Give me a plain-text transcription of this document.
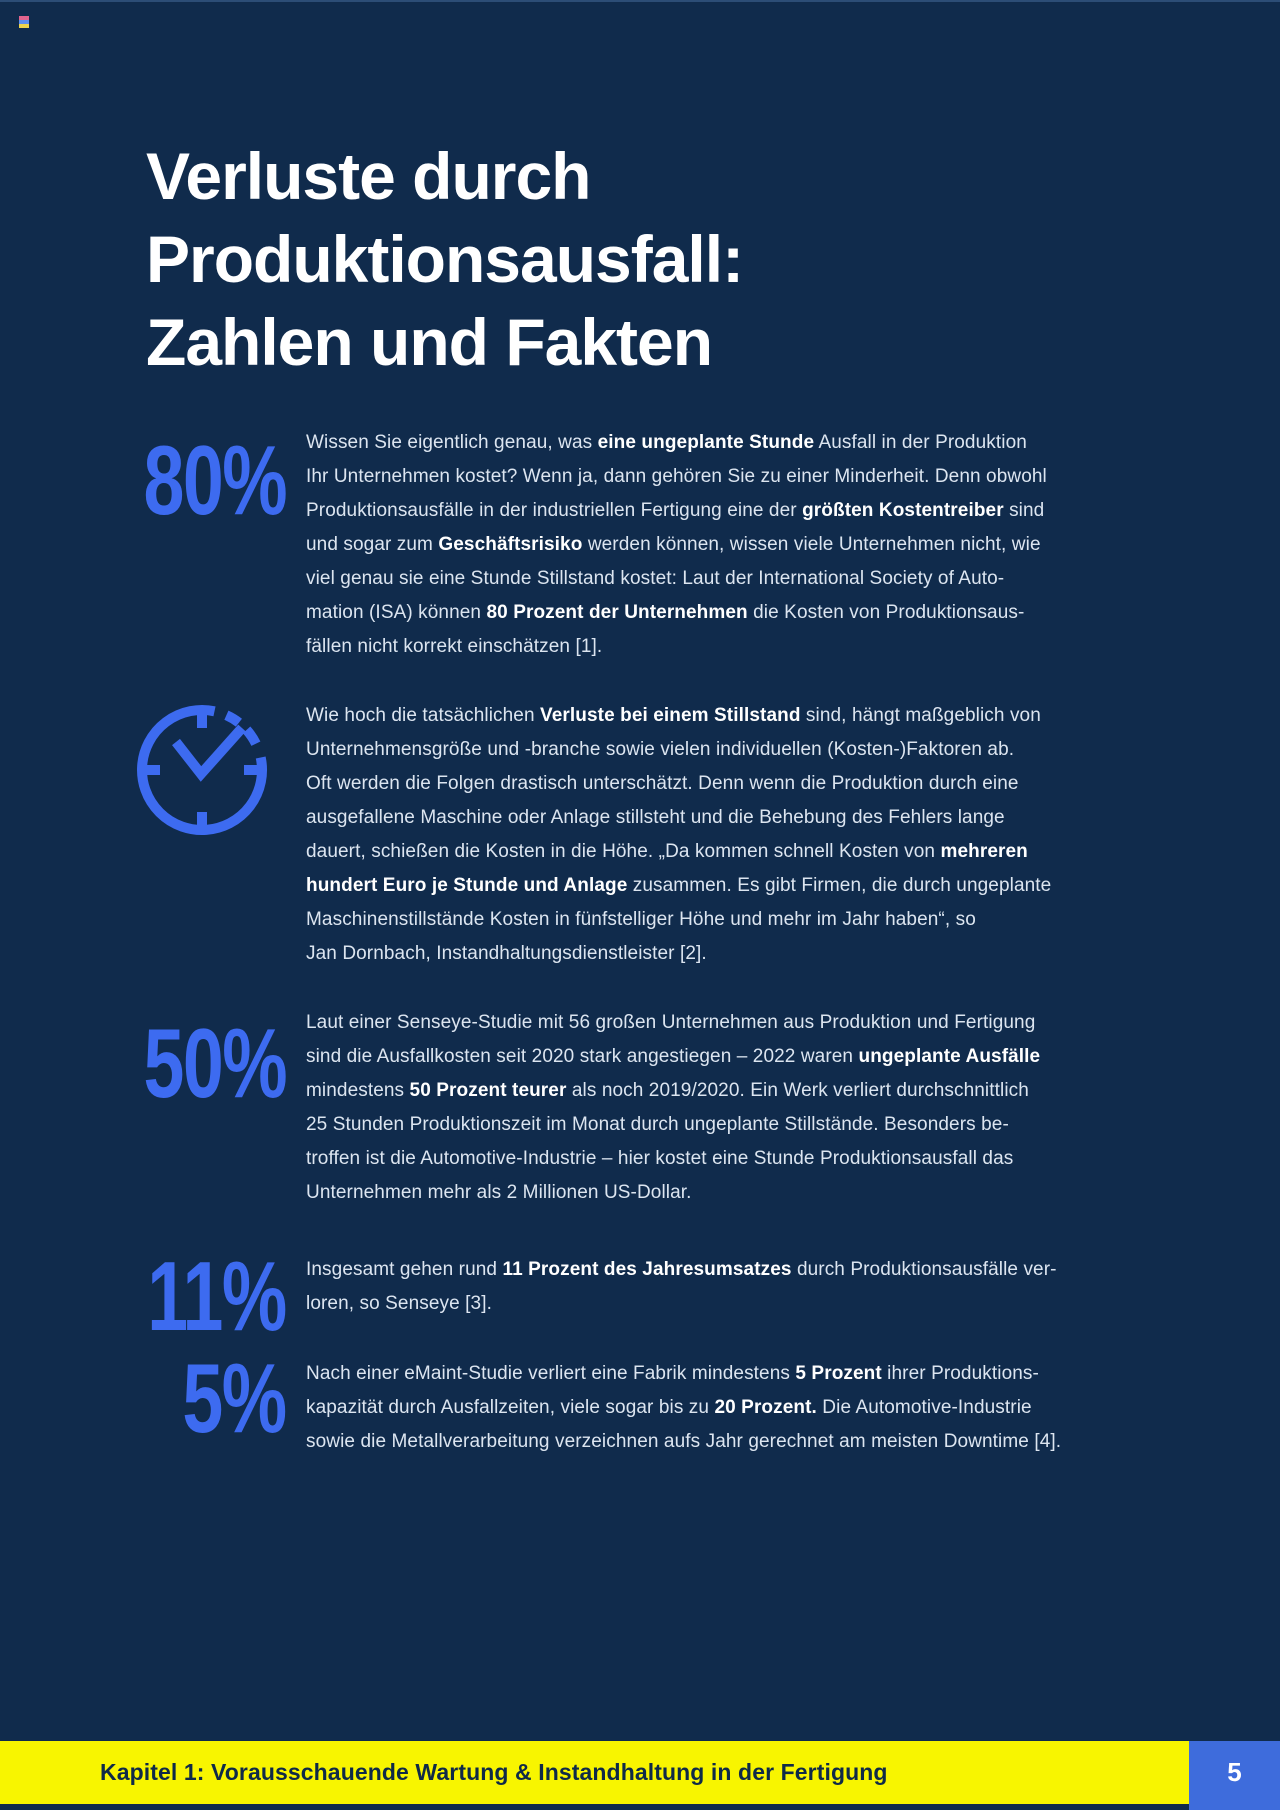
Verluste durch
Produktionsausfall:
Zahlen und Fakten
80%
50%
11%
5%
Wissen Sie eigentlich genau, was eine ungeplante Stunde Ausfall in der Produktion
Ihr Unternehmen kostet? Wenn ja, dann gehören Sie zu einer Minderheit. Denn obwohl
Produktionsausfälle in der industriellen Fertigung eine der größten Kostentreiber sind
und sogar zum Geschäftsrisiko werden können, wissen viele Unternehmen nicht, wie
viel genau sie eine Stunde Stillstand kostet: Laut der International Society of Auto-
mation (ISA) können 80 Prozent der Unternehmen die Kosten von Produktionsaus-
fällen nicht korrekt einschätzen [1].
Wie hoch die tatsächlichen Verluste bei einem Stillstand sind, hängt maßgeblich von
Unternehmensgröße und -branche sowie vielen individuellen (Kosten-)Faktoren ab.
Oft werden die Folgen drastisch unterschätzt. Denn wenn die Produktion durch eine
ausgefallene Maschine oder Anlage stillsteht und die Behebung des Fehlers lange
dauert, schießen die Kosten in die Höhe. „Da kommen schnell Kosten von mehreren
hundert Euro je Stunde und Anlage zusammen. Es gibt Firmen, die durch ungeplante
Maschinenstillstände Kosten in fünfstelliger Höhe und mehr im Jahr haben“, so
Jan Dornbach, Instandhaltungsdienstleister [2].
Laut einer Senseye-Studie mit 56 großen Unternehmen aus Produktion und Fertigung
sind die Ausfallkosten seit 2020 stark angestiegen – 2022 waren ungeplante Ausfälle
mindestens 50 Prozent teurer als noch 2019/2020. Ein Werk verliert durchschnittlich
25 Stunden Produktionszeit im Monat durch ungeplante Stillstände. Besonders be-
troffen ist die Automotive-Industrie – hier kostet eine Stunde Produktionsausfall das
Unternehmen mehr als 2 Millionen US-Dollar.
Insgesamt gehen rund 11 Prozent des Jahresumsatzes durch Produktionsausfälle ver-
loren, so Senseye [3].
Nach einer eMaint-Studie verliert eine Fabrik mindestens 5 Prozent ihrer Produktions-
kapazität durch Ausfallzeiten, viele sogar bis zu 20 Prozent. Die Automotive-Industrie
sowie die Metallverarbeitung verzeichnen aufs Jahr gerechnet am meisten Downtime [4].
Kapitel 1: Vorausschauende Wartung & Instandhaltung in der Fertigung	5
